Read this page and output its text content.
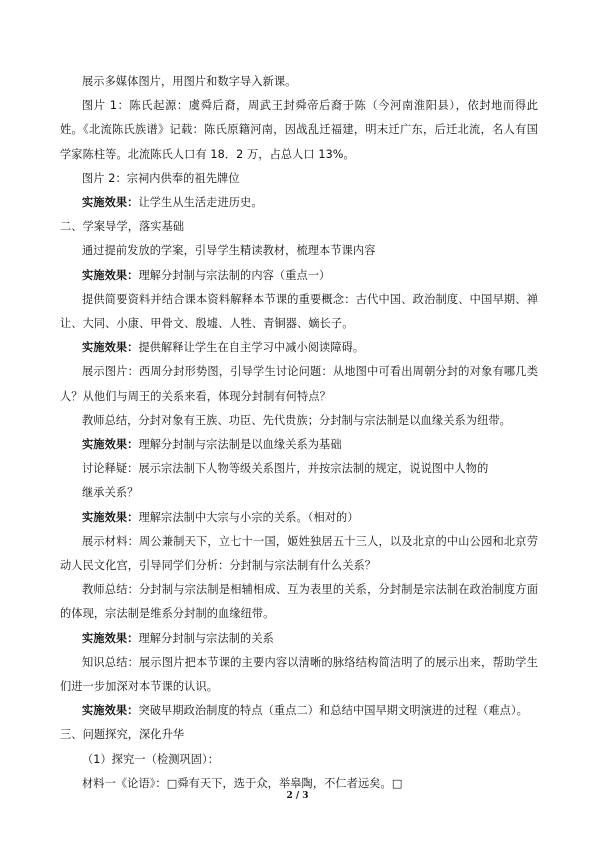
展示多媒体图片，用图片和数字导入新课。

图片 1：陈氏起源：虞舜后裔，周武王封舜帝后裔于陈（今河南淮阳县），依封地而得此姓。《北流陈氏族谱》记载：陈氏原籍河南，因战乱迁福建，明末迁广东，后迁北流，名人有国学家陈柱等。北流陈氏人口有 18．2 万，占总人口 13%。

图片 2：宗祠内供奉的祖先牌位

实施效果：让学生从生活走进历史。

二、学案导学，落实基础

通过提前发放的学案，引导学生精读教材，梳理本节课内容

实施效果：理解分封制与宗法制的内容（重点一）

提供简要资料并结合课本资料解释本节课的重要概念：古代中国、政治制度、中国早期、禅让、大同、小康、甲骨文、殷墟、人牲、青铜器、嫡长子。

实施效果：提供解释让学生在自主学习中减小阅读障碍。

展示图片：西周分封形势图，引导学生讨论问题：从地图中可看出周朝分封的对象有哪几类人？从他们与周王的关系来看，体现分封制有何特点？

教师总结，分封对象有王族、功臣、先代贵族；分封制与宗法制是以血缘关系为纽带。

实施效果：理解分封制与宗法制是以血缘关系为基础

讨论释疑：展示宗法制下人物等级关系图片，并按宗法制的规定，说说图中人物的

继承关系？

实施效果：理解宗法制中大宗与小宗的关系。（相对的）

展示材料：周公兼制天下，立七十一国，姬姓独居五十三人，以及北京的中山公园和北京劳动人民文化宫，引导同学们分析：分封制与宗法制有什么关系？

教师总结：分封制与宗法制是相辅相成、互为表里的关系，分封制是宗法制在政治制度方面的体现，宗法制是维系分封制的血缘纽带。

实施效果：理解分封制与宗法制的关系

知识总结：展示图片把本节课的主要内容以清晰的脉络结构简洁明了的展示出来，帮助学生们进一步加深对本节课的认识。

实施效果：突破早期政治制度的特点（重点二）和总结中国早期文明演进的过程（难点）。

三、问题探究，深化升华

（1）探究一（检测巩固）：

材料一《论语》：□舜有天下，选于众，举皋陶，不仁者远矣。□

2 / 3
